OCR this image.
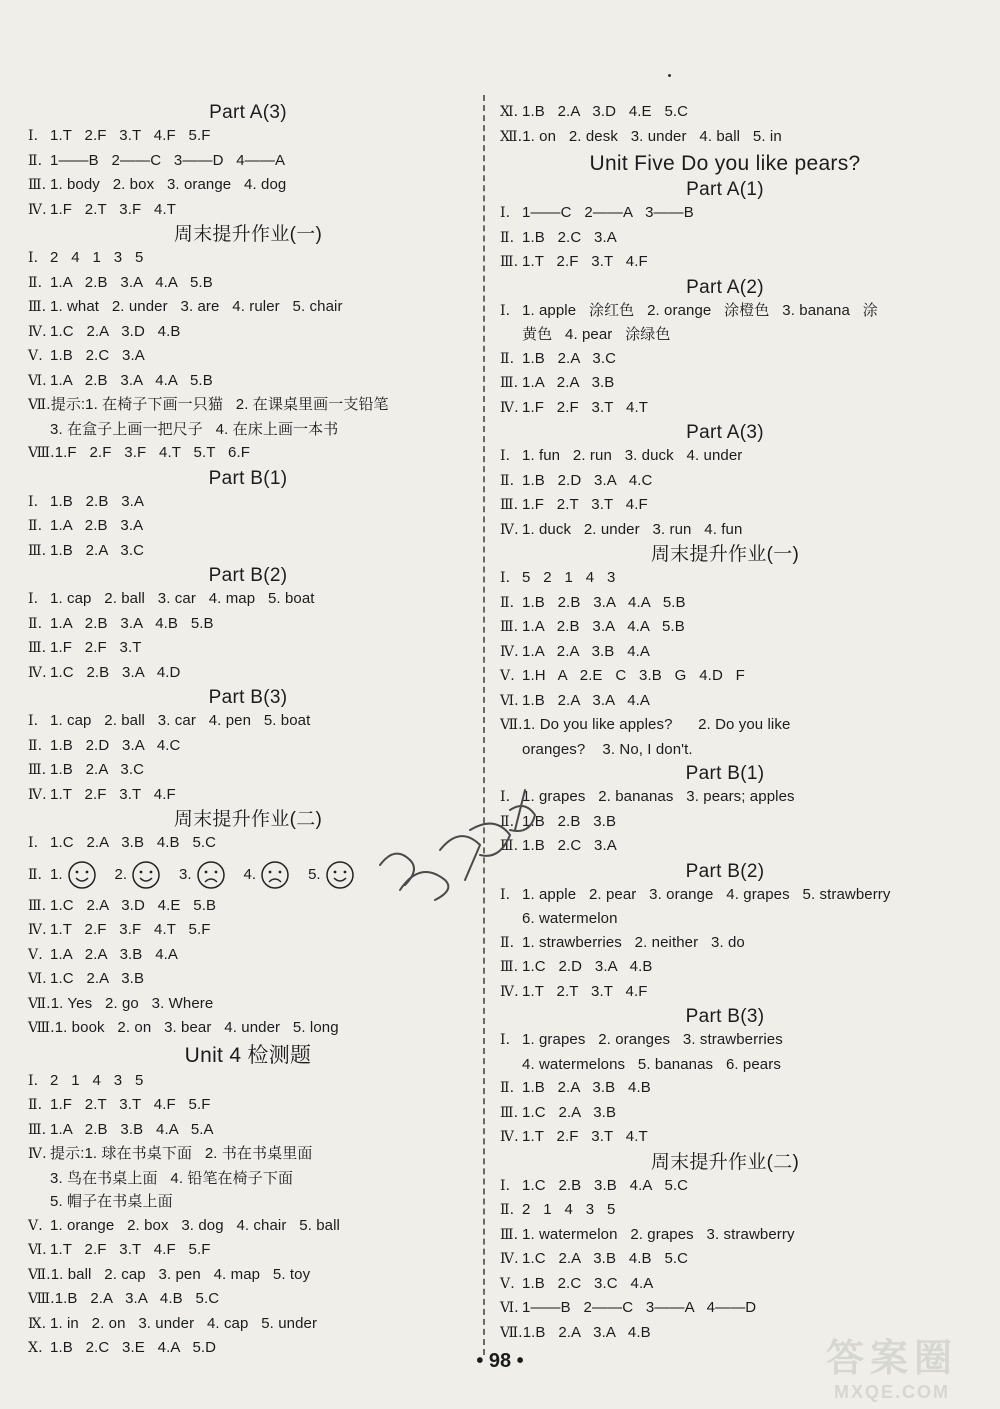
Part A(3)
Ⅰ. 1.T   2.F   3.T   4.F   5.F
Ⅱ. 1——B   2——C   3——D   4——A
Ⅲ. 1. body   2. box   3. orange   4. dog
Ⅳ. 1.F   2.T   3.F   4.T
周末提升作业(一)
Ⅰ. 2   4   1   3   5
Ⅱ. 1.A   2.B   3.A   4.A   5.B
Ⅲ. 1. what   2. under   3. are   4. ruler   5. chair
Ⅳ. 1.C   2.A   3.D   4.B
Ⅴ. 1.B   2.C   3.A
Ⅵ. 1.A   2.B   3.A   4.A   5.B
Ⅶ.提示:1. 在椅子下画一只猫   2. 在课桌里画一支铅笔
3. 在盒子上画一把尺子   4. 在床上画一本书
Ⅷ.1.F   2.F   3.F   4.T   5.T   6.F
Part B(1)
Ⅰ. 1.B   2.B   3.A
Ⅱ. 1.A   2.B   3.A
Ⅲ. 1.B   2.A   3.C
Part B(2)
Ⅰ. 1. cap   2. ball   3. car   4. map   5. boat
Ⅱ. 1.A   2.B   3.A   4.B   5.B
Ⅲ. 1.F   2.F   3.T
Ⅳ. 1.C   2.B   3.A   4.D
Part B(3)
Ⅰ. 1. cap   2. ball   3. car   4. pen   5. boat
Ⅱ. 1.B   2.D   3.A   4.C
Ⅲ. 1.B   2.A   3.C
Ⅳ. 1.T   2.F   3.T   4.F
周末提升作业(二)
Ⅰ. 1.C   2.A   3.B   4.B   5.C
Ⅱ. 1.	2.	3.	4.	5.
Ⅲ. 1.C   2.A   3.D   4.E   5.B
Ⅳ. 1.T   2.F   3.F   4.T   5.F
Ⅴ. 1.A   2.A   3.B   4.A
Ⅵ. 1.C   2.A   3.B
Ⅶ.1. Yes   2. go   3. Where
Ⅷ.1. book   2. on   3. bear   4. under   5. long
Unit 4 检测题
Ⅰ. 2   1   4   3   5
Ⅱ. 1.F   2.T   3.T   4.F   5.F
Ⅲ. 1.A   2.B   3.B   4.A   5.A
Ⅳ. 提示:1. 球在书桌下面   2. 书在书桌里面
3. 鸟在书桌上面   4. 铅笔在椅子下面
5. 帽子在书桌上面
Ⅴ. 1. orange   2. box   3. dog   4. chair   5. ball
Ⅵ. 1.T   2.F   3.T   4.F   5.F
Ⅶ.1. ball   2. cap   3. pen   4. map   5. toy
Ⅷ.1.B   2.A   3.A   4.B   5.C
Ⅸ. 1. in   2. on   3. under   4. cap   5. under
Ⅹ. 1.B   2.C   3.E   4.A   5.D
Ⅺ. 1.B   2.A   3.D   4.E   5.C
Ⅻ.1. on   2. desk   3. under   4. ball   5. in
Unit Five Do you like pears?
Part A(1)
Ⅰ. 1——C   2——A   3——B
Ⅱ. 1.B   2.C   3.A
Ⅲ. 1.T   2.F   3.T   4.F
Part A(2)
Ⅰ. 1. apple   涂红色   2. orange   涂橙色   3. banana   涂
黄色   4. pear   涂绿色
Ⅱ. 1.B   2.A   3.C
Ⅲ. 1.A   2.A   3.B
Ⅳ. 1.F   2.F   3.T   4.T
Part A(3)
Ⅰ. 1. fun   2. run   3. duck   4. under
Ⅱ. 1.B   2.D   3.A   4.C
Ⅲ. 1.F   2.T   3.T   4.F
Ⅳ. 1. duck   2. under   3. run   4. fun
周末提升作业(一)
Ⅰ. 5   2   1   4   3
Ⅱ. 1.B   2.B   3.A   4.A   5.B
Ⅲ. 1.A   2.B   3.A   4.A   5.B
Ⅳ. 1.A   2.A   3.B   4.A
Ⅴ. 1.H   A   2.E   C   3.B   G   4.D   F
Ⅵ. 1.B   2.A   3.A   4.A
Ⅶ.1. Do you like apples?      2. Do you like
oranges?    3. No, I don't.
Part B(1)
Ⅰ. 1. grapes   2. bananas   3. pears; apples
Ⅱ. 1.B   2.B   3.B
Ⅲ. 1.B   2.C   3.A
Part B(2)
Ⅰ. 1. apple   2. pear   3. orange   4. grapes   5. strawberry
6. watermelon
Ⅱ. 1. strawberries   2. neither   3. do
Ⅲ. 1.C   2.D   3.A   4.B
Ⅳ. 1.T   2.T   3.T   4.F
Part B(3)
Ⅰ. 1. grapes   2. oranges   3. strawberries
4. watermelons   5. bananas   6. pears
Ⅱ. 1.B   2.A   3.B   4.B
Ⅲ. 1.C   2.A   3.B
Ⅳ. 1.T   2.F   3.T   4.T
周末提升作业(二)
Ⅰ. 1.C   2.B   3.B   4.A   5.C
Ⅱ. 2   1   4   3   5
Ⅲ. 1. watermelon   2. grapes   3. strawberry
Ⅳ. 1.C   2.A   3.B   4.B   5.C
Ⅴ. 1.B   2.C   3.C   4.A
Ⅵ. 1——B   2——C   3——A   4——D
Ⅶ.1.B   2.A   3.A   4.B
• 98 •	答案圈
MXQE.COM
